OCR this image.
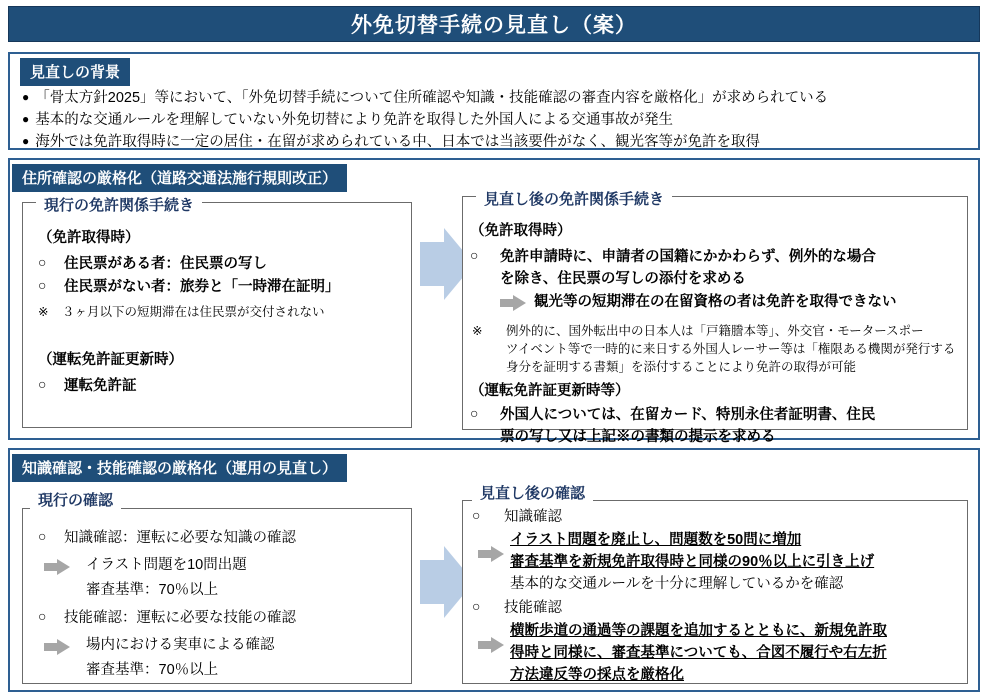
外免切替手続の見直し（案）
見直しの背景
● 「骨太方針2025」等において、「外免切替手続について住所確認や知識・技能確認の審査内容を厳格化」が求められている
● 基本的な交通ルールを理解していない外免切替により免許を取得した外国人による交通事故が発生
● 海外では免許取得時に一定の居住・在留が求められている中、日本では当該要件がなく、観光客等が免許を取得
住所確認の厳格化（道路交通法施行規則改正）
現行の免許関係手続き
（免許取得時）
○
住民票がある者：住民票の写し
○
住民票がない者：旅券と「一時滞在証明」
※
３ヶ月以下の短期滞在は住民票が交付されない
（運転免許証更新時）
○
運転免許証
見直し後の免許関係手続き
（免許取得時）
○
免許申請時に、申請者の国籍にかかわらず、例外的な場合
を除き、住民票の写しの添付を求める
観光等の短期滞在の在留資格の者は免許を取得できない
※
例外的に、国外転出中の日本人は「戸籍謄本等」、外交官・モータースポー
ツイベント等で一時的に来日する外国人レーサー等は「権限ある機関が発行する
身分を証明する書類」を添付することにより免許の取得が可能
（運転免許証更新時等）
○
外国人については、在留カード、特別永住者証明書、住民
票の写し又は上記※の書類の提示を求める
知識確認・技能確認の厳格化（運用の見直し）
現行の確認
○
知識確認：運転に必要な知識の確認
イラスト問題を10問出題
審査基準：70％以上
○
技能確認：運転に必要な技能の確認
場内における実車による確認
審査基準：70％以上
見直し後の確認
○
知識確認
イラスト問題を廃止し、問題数を50問に増加
審査基準を新規免許取得時と同様の90％以上に引き上げ
基本的な交通ルールを十分に理解しているかを確認
○
技能確認
横断歩道の通過等の課題を追加するとともに、新規免許取
得時と同様に、審査基準についても、合図不履行や右左折
方法違反等の採点を厳格化
